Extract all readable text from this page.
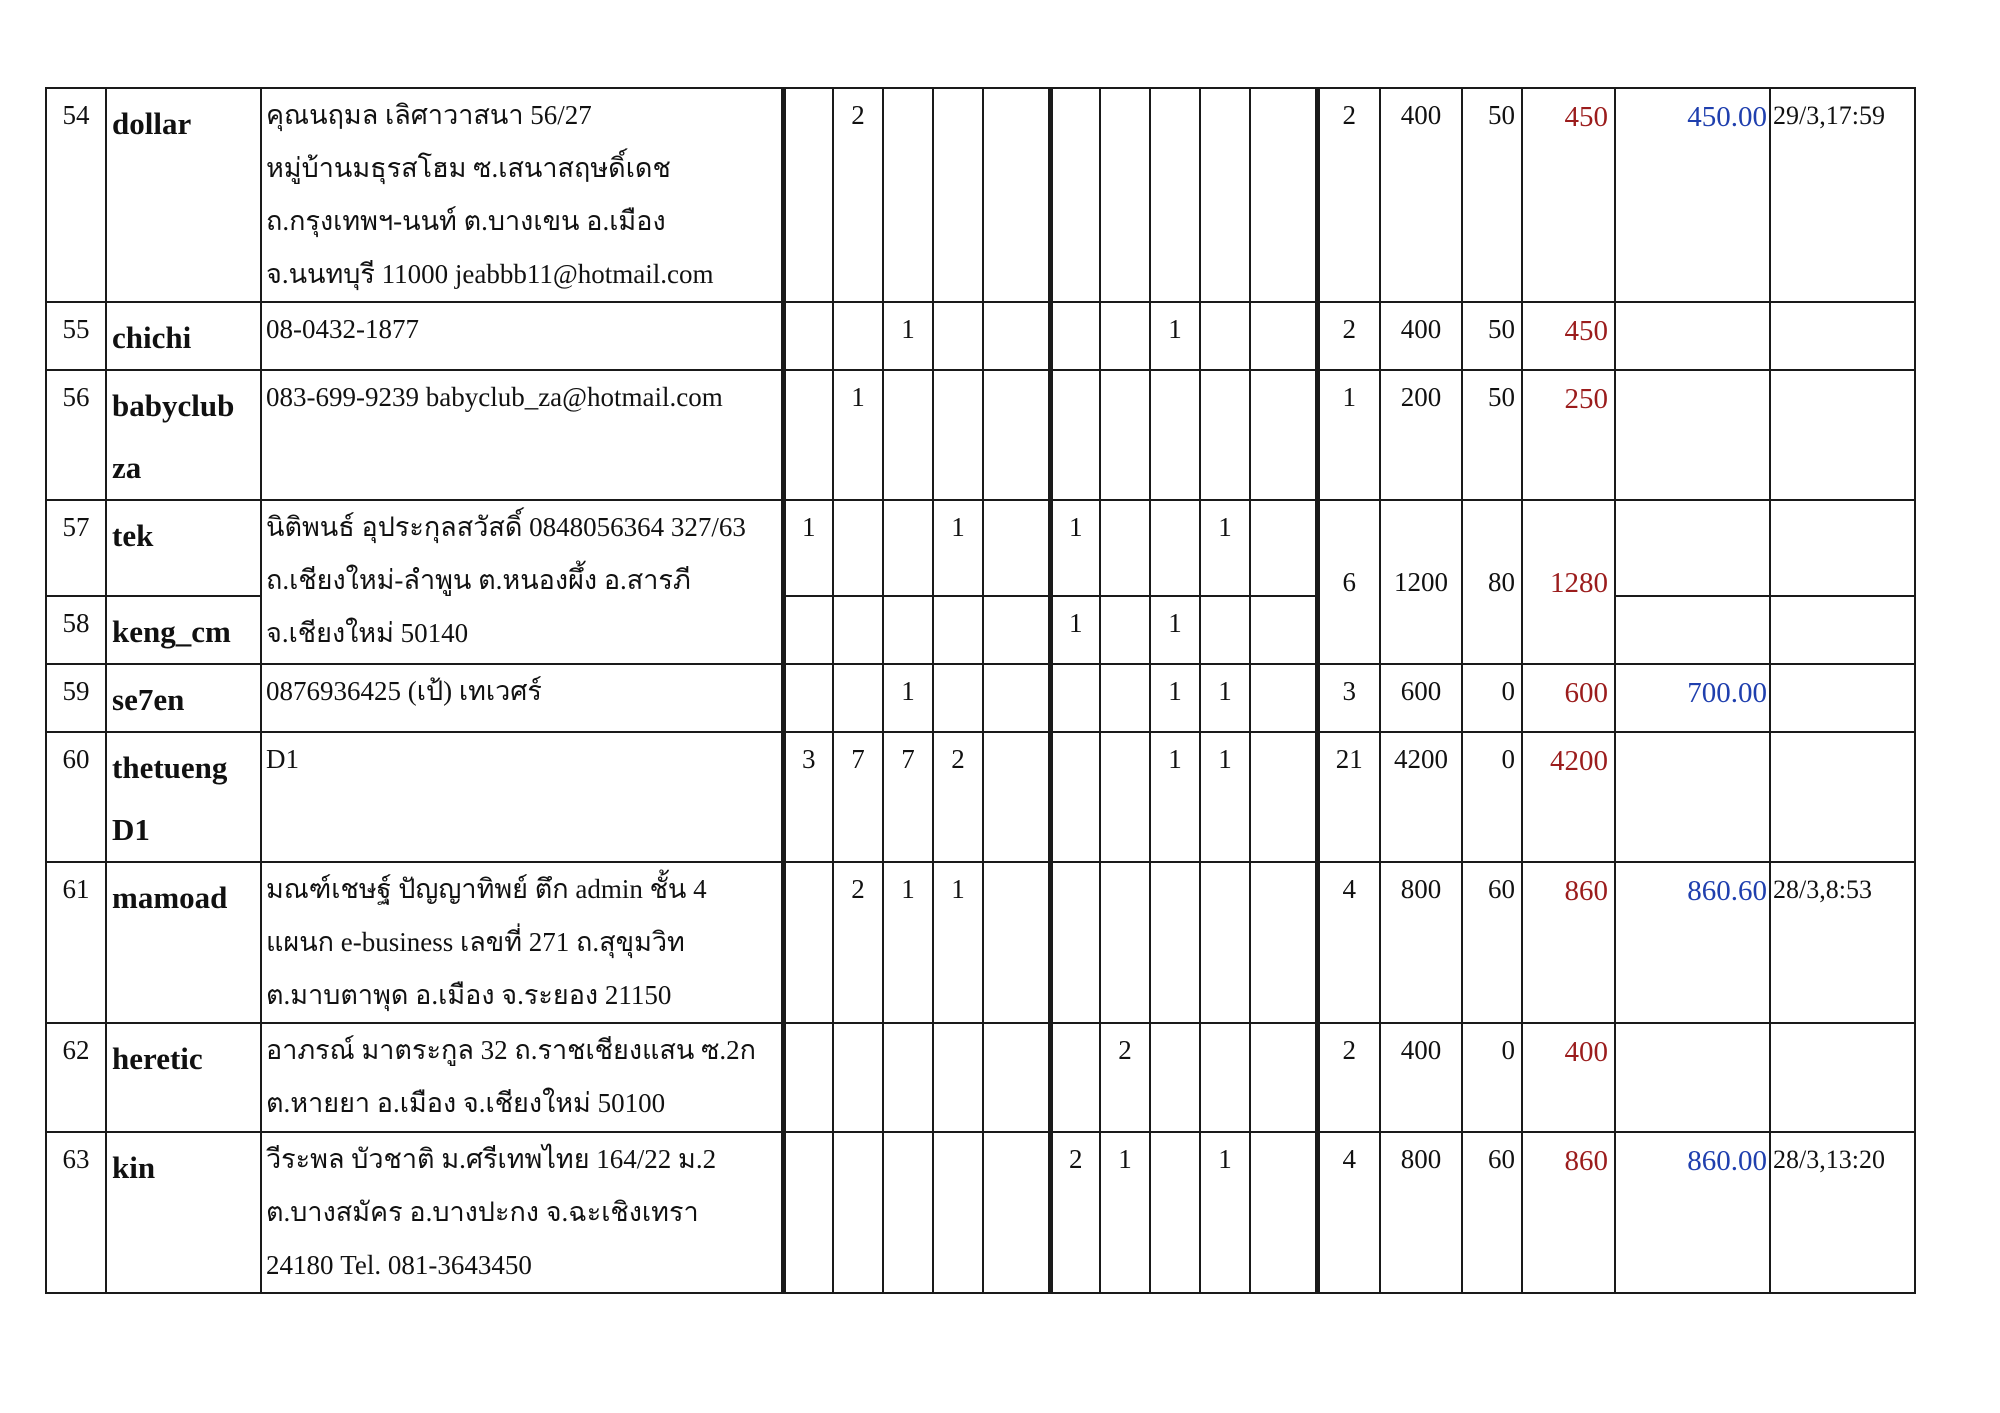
54	dollar	คุณนฤมล เลิศาวาสนา 56/27
หมู่บ้านมธุรสโฮม ซ.เสนาสฤษดิ์เดช
ถ.กรุงเทพฯ-นนท์ ต.บางเขน อ.เมือง
จ.นนทบุรี 11000 jeabbb11@hotmail.com		2									2	400	50	450	450.00	29/3,17:59
55	chichi	08-0432-1877			1					1			2	400	50	450		
56	babyclub
za	083-699-9239 babyclub_za@hotmail.com		1									1	200	50	250		
57	tek	นิติพนธ์ อุประกุลสวัสดิ์ 0848056364 327/63
ถ.เชียงใหม่-ลำพูน ต.หนองผึ้ง อ.สารภี
จ.เชียงใหม่ 50140	1			1		1			1		6	1200	80	1280		
58	keng_cm							1		1								
59	se7en	0876936425 (เป้) เทเวศร์			1					1	1		3	600	0	600	700.00	
60	thetueng
D1	D1	3	7	7	2				1	1		21	4200	0	4200		
61	mamoad	มณฑ์เชษฐ์ ปัญญาทิพย์ ตึก admin ชั้น 4
แผนก e-business เลขที่ 271 ถ.สุขุมวิท
ต.มาบตาพุด อ.เมือง จ.ระยอง 21150		2	1	1							4	800	60	860	860.60	28/3,8:53
62	heretic	อาภรณ์ มาตระกูล 32 ถ.ราชเชียงแสน ซ.2ก
ต.หายยา อ.เมือง จ.เชียงใหม่ 50100							2				2	400	0	400		
63	kin	วีระพล บัวชาติ ม.ศรีเทพไทย 164/22 ม.2
ต.บางสมัคร อ.บางปะกง จ.ฉะเชิงเทรา
24180 Tel. 081-3643450						2	1		1		4	800	60	860	860.00	28/3,13:20
